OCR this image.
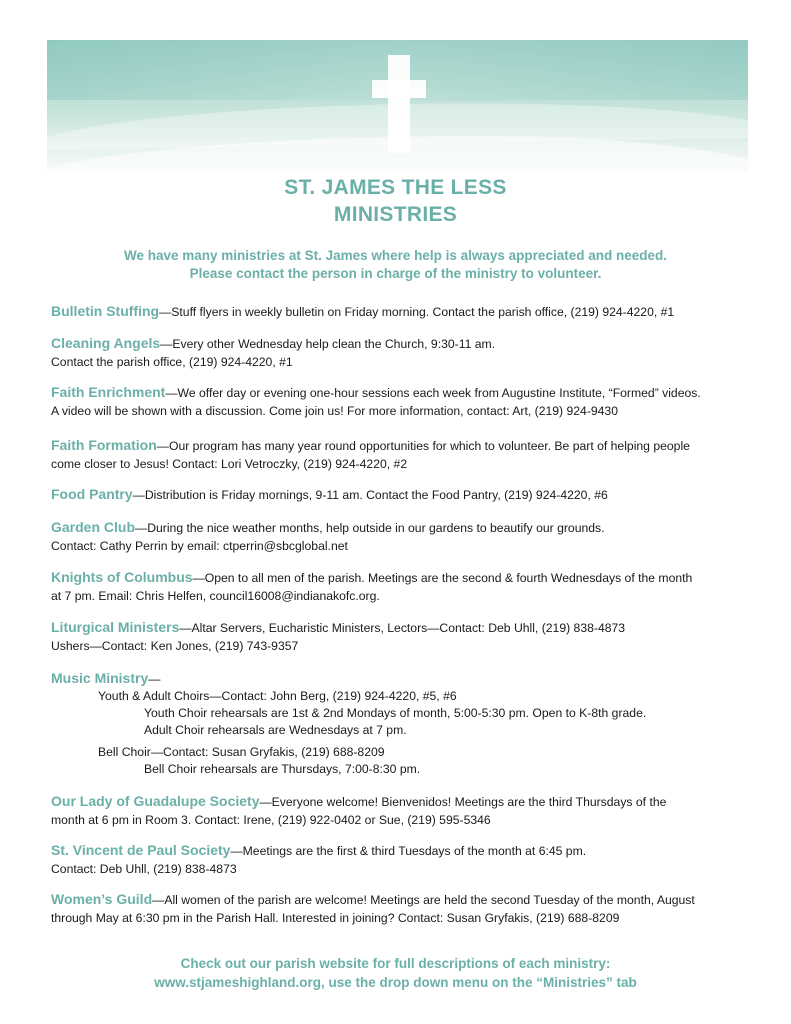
ST. JAMES THE LESS
MINISTRIES
We have many ministries at St. James where help is always appreciated and needed.
Please contact the person in charge of the ministry to volunteer.
Bulletin Stuffing—Stuff flyers in weekly bulletin on Friday morning. Contact the parish office, (219) 924-4220, #1
Cleaning Angels—Every other Wednesday help clean the Church, 9:30-11 am.
Contact the parish office, (219) 924-4220, #1
Faith Enrichment—We offer day or evening one-hour sessions each week from Augustine Institute, “Formed” videos.
A video will be shown with a discussion. Come join us! For more information, contact: Art, (219) 924-9430
Faith Formation—Our program has many year round opportunities for which to volunteer. Be part of helping people
come closer to Jesus! Contact: Lori Vetroczky, (219) 924-4220, #2
Food Pantry—Distribution is Friday mornings, 9-11 am. Contact the Food Pantry, (219) 924-4220, #6
Garden Club—During the nice weather months, help outside in our gardens to beautify our grounds.
Contact: Cathy Perrin by email: ctperrin@sbcglobal.net
Knights of Columbus—Open to all men of the parish. Meetings are the second & fourth Wednesdays of the month
at 7 pm. Email: Chris Helfen, council16008@indianakofc.org.
Liturgical Ministers—Altar Servers, Eucharistic Ministers, Lectors—Contact: Deb Uhll, (219) 838-4873
Ushers—Contact: Ken Jones, (219) 743-9357
Music Ministry—
Youth & Adult Choirs—Contact: John Berg, (219) 924-4220, #5, #6
Youth Choir rehearsals are 1st & 2nd Mondays of month, 5:00-5:30 pm. Open to K-8th grade.
Adult Choir rehearsals are Wednesdays at 7 pm.
Bell Choir—Contact: Susan Gryfakis, (219) 688-8209
Bell Choir rehearsals are Thursdays, 7:00-8:30 pm.
Our Lady of Guadalupe Society—Everyone welcome! Bienvenidos! Meetings are the third Thursdays of the
month at 6 pm in Room 3. Contact: Irene, (219) 922-0402 or Sue, (219) 595-5346
St. Vincent de Paul Society—Meetings are the first & third Tuesdays of the month at 6:45 pm.
Contact: Deb Uhll, (219) 838-4873
Women’s Guild—All women of the parish are welcome! Meetings are held the second Tuesday of the month, August
through May at 6:30 pm in the Parish Hall. Interested in joining? Contact: Susan Gryfakis, (219) 688-8209
Check out our parish website for full descriptions of each ministry:
www.stjameshighland.org, use the drop down menu on the “Ministries” tab
